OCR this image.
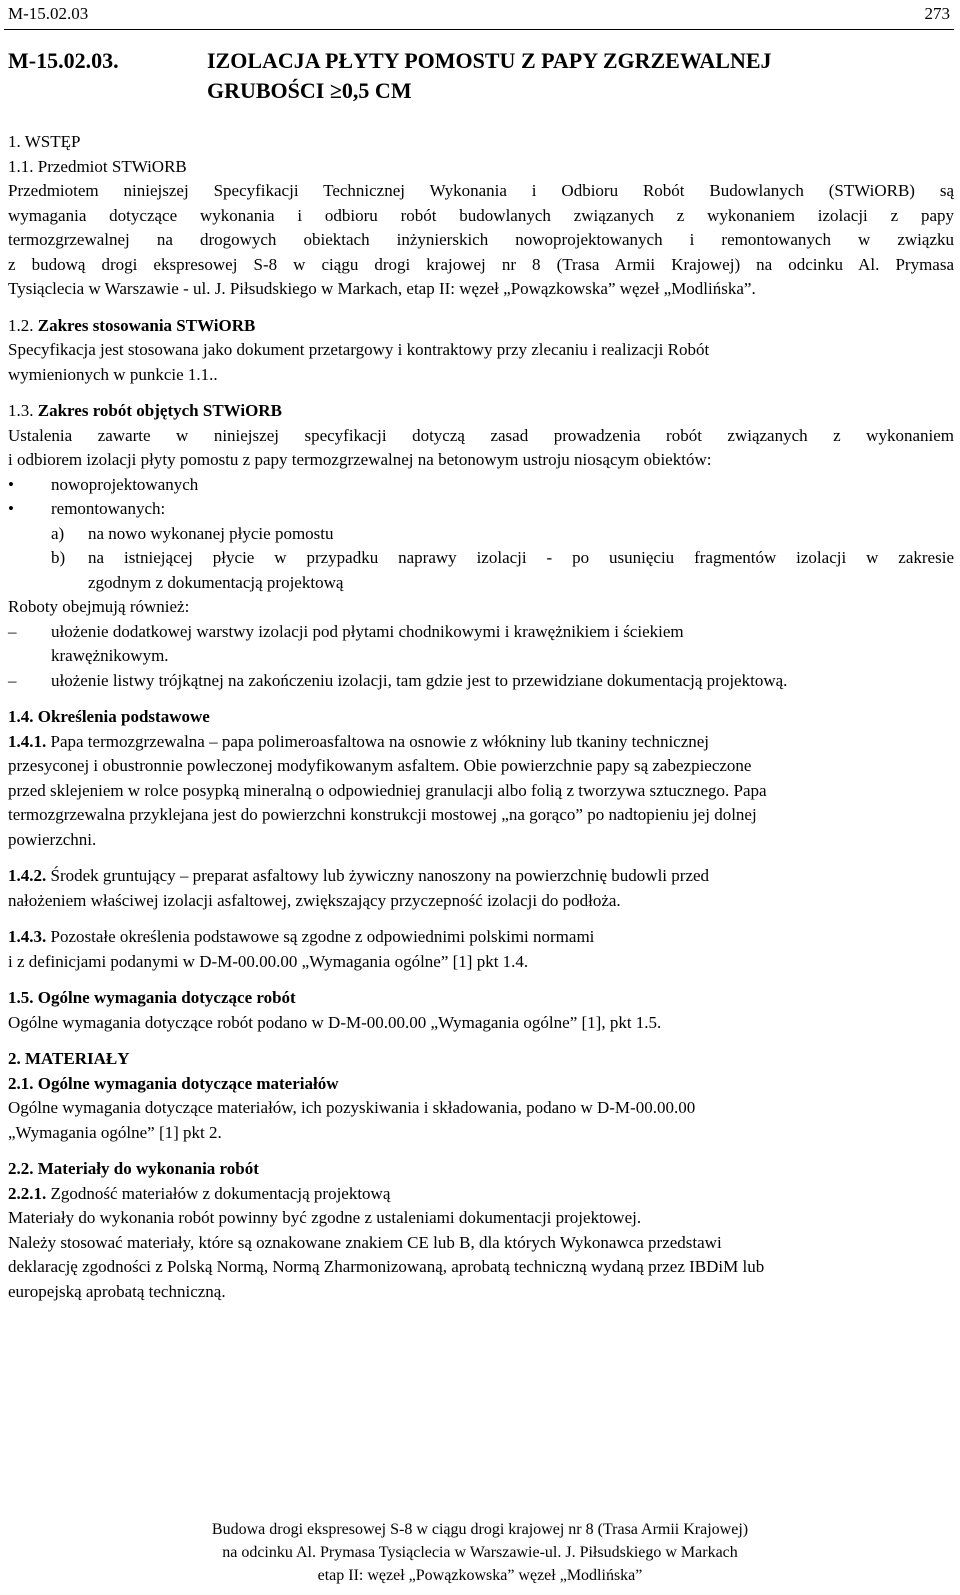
M-15.02.03	273
M-15.02.03.	IZOLACJA PŁYTY POMOSTU Z PAPY ZGRZEWALNEJ
GRUBOŚCI ≥0,5 CM

1. WSTĘP

1.1. Przedmiot STWiORB

Przedmiotem niniejszej Specyfikacji Technicznej Wykonania i Odbioru Robót Budowlanych (STWiORB) są

wymagania dotyczące wykonania i odbioru robót budowlanych związanych z wykonaniem izolacji z papy

termozgrzewalnej na drogowych obiektach inżynierskich nowoprojektowanych i remontowanych w związku

z budową drogi ekspresowej S-8 w ciągu drogi krajowej nr 8 (Trasa Armii Krajowej) na odcinku Al. Prymasa

Tysiąclecia w Warszawie - ul. J. Piłsudskiego w Markach, etap II: węzeł „Powązkowska” węzeł „Modlińska”.

1.2. Zakres stosowania STWiORB

Specyfikacja jest stosowana jako dokument przetargowy i kontraktowy przy zlecaniu i realizacji Robót

wymienionych w punkcie 1.1..

1.3. Zakres robót objętych STWiORB

Ustalenia zawarte w niniejszej specyfikacji dotyczą zasad prowadzenia robót związanych z wykonaniem

i odbiorem izolacji płyty pomostu z papy termozgrzewalnej na betonowym ustroju niosącym obiektów:

• nowoprojektowanych

• remontowanych:

a) na nowo wykonanej płycie pomostu

b) na istniejącej płycie w przypadku naprawy izolacji - po usunięciu fragmentów izolacji w zakresie

zgodnym z dokumentacją projektową

Roboty obejmują również:

– ułożenie dodatkowej warstwy izolacji pod płytami chodnikowymi i krawężnikiem i ściekiem

krawężnikowym.

– ułożenie listwy trójkątnej na zakończeniu izolacji, tam gdzie jest to przewidziane dokumentacją projektową.

1.4. Określenia podstawowe

1.4.1. Papa termozgrzewalna – papa polimeroasfaltowa na osnowie z włókniny lub tkaniny technicznej

przesyconej i obustronnie powleczonej modyfikowanym asfaltem. Obie powierzchnie papy są zabezpieczone

przed sklejeniem w rolce posypką mineralną o odpowiedniej granulacji albo folią z tworzywa sztucznego. Papa

termozgrzewalna przyklejana jest do powierzchni konstrukcji mostowej „na gorąco” po nadtopieniu jej dolnej

powierzchni.

1.4.2. Środek gruntujący – preparat asfaltowy lub żywiczny nanoszony na powierzchnię budowli przed

nałożeniem właściwej izolacji asfaltowej, zwiększający przyczepność izolacji do podłoża.

1.4.3. Pozostałe określenia podstawowe są zgodne z odpowiednimi polskimi normami

i z definicjami podanymi w D-M-00.00.00 „Wymagania ogólne” [1] pkt 1.4.

1.5. Ogólne wymagania dotyczące robót

Ogólne wymagania dotyczące robót podano w D-M-00.00.00 „Wymagania ogólne” [1], pkt 1.5.

2. MATERIAŁY

2.1. Ogólne wymagania dotyczące materiałów

Ogólne wymagania dotyczące materiałów, ich pozyskiwania i składowania, podano w D-M-00.00.00

„Wymagania ogólne” [1] pkt 2.

2.2. Materiały do wykonania robót

2.2.1. Zgodność materiałów z dokumentacją projektową

Materiały do wykonania robót powinny być zgodne z ustaleniami dokumentacji projektowej.

Należy stosować materiały, które są oznakowane znakiem CE lub B, dla których Wykonawca przedstawi

deklarację zgodności z Polską Normą, Normą Zharmonizowaną, aprobatą techniczną wydaną przez IBDiM lub

europejską aprobatą techniczną.

Budowa drogi ekspresowej S-8 w ciągu drogi krajowej nr 8 (Trasa Armii Krajowej)

na odcinku Al. Prymasa Tysiąclecia w Warszawie-ul. J. Piłsudskiego w Markach

etap II: węzeł „Powązkowska” węzeł „Modlińska”
